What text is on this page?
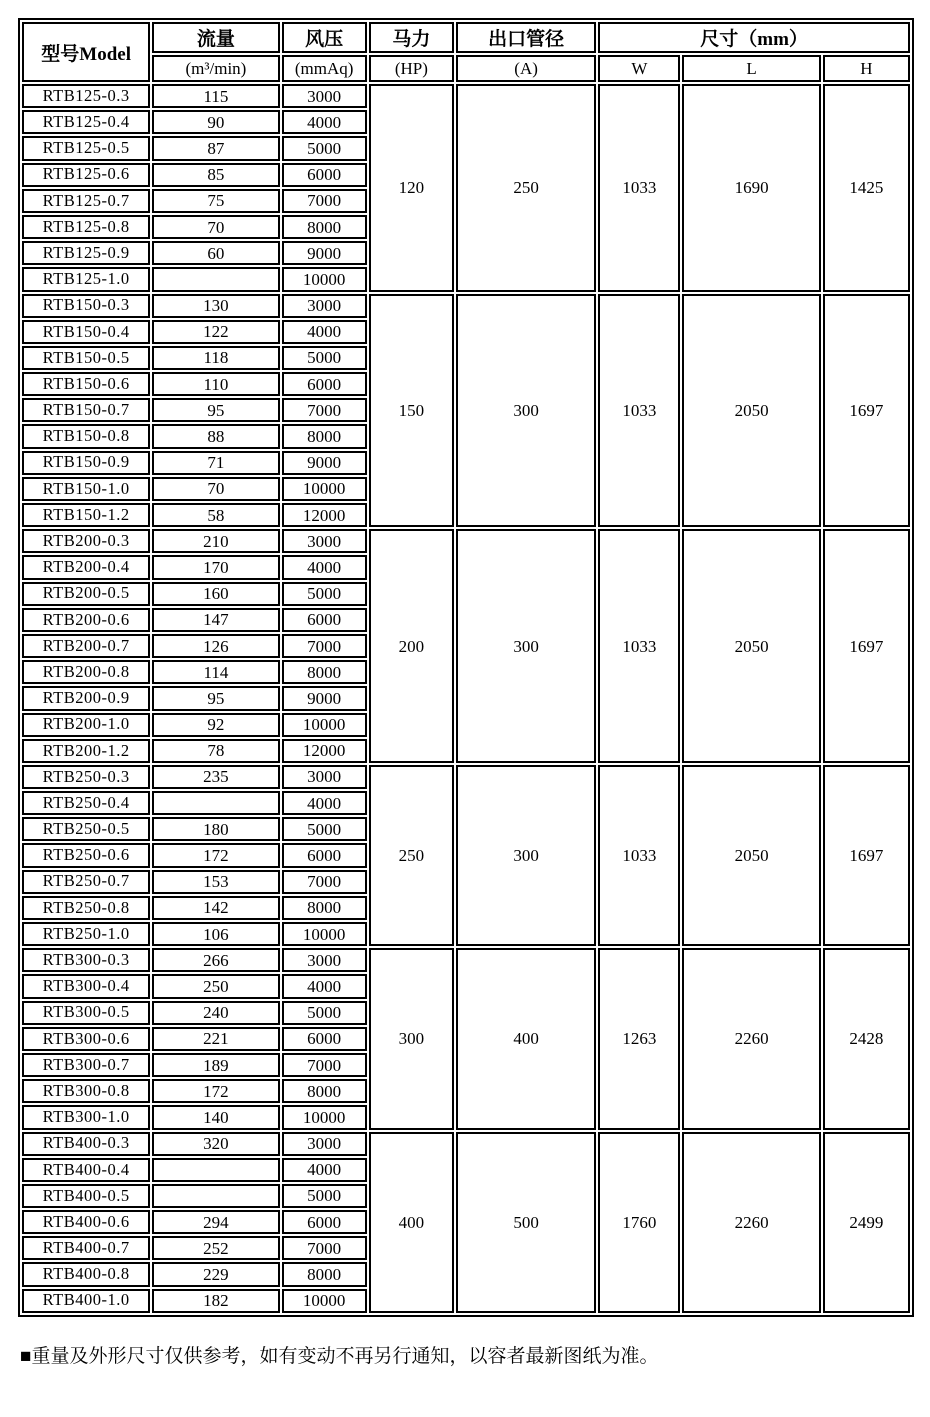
型号Model	流量	风压	马力	出口管径	尺寸（mm）		
	(m³/min)	(mmAq)	(HP)	(A)	W	L	H
RTB125-0.3	115	3000	120	250	1033	1690	1425
RTB125-0.4	90	4000					
RTB125-0.5	87	5000					
RTB125-0.6	85	6000					
RTB125-0.7	75	7000					
RTB125-0.8	70	8000					
RTB125-0.9	60	9000					
RTB125-1.0		10000					
RTB150-0.3	130	3000	150	300	1033	2050	1697
RTB150-0.4	122	4000					
RTB150-0.5	118	5000					
RTB150-0.6	110	6000					
RTB150-0.7	95	7000					
RTB150-0.8	88	8000					
RTB150-0.9	71	9000					
RTB150-1.0	70	10000					
RTB150-1.2	58	12000					
RTB200-0.3	210	3000	200	300	1033	2050	1697
RTB200-0.4	170	4000					
RTB200-0.5	160	5000					
RTB200-0.6	147	6000					
RTB200-0.7	126	7000					
RTB200-0.8	114	8000					
RTB200-0.9	95	9000					
RTB200-1.0	92	10000					
RTB200-1.2	78	12000					
RTB250-0.3	235	3000	250	300	1033	2050	1697
RTB250-0.4		4000					
RTB250-0.5	180	5000					
RTB250-0.6	172	6000					
RTB250-0.7	153	7000					
RTB250-0.8	142	8000					
RTB250-1.0	106	10000					
RTB300-0.3	266	3000	300	400	1263	2260	2428
RTB300-0.4	250	4000					
RTB300-0.5	240	5000					
RTB300-0.6	221	6000					
RTB300-0.7	189	7000					
RTB300-0.8	172	8000					
RTB300-1.0	140	10000					
RTB400-0.3	320	3000	400	500	1760	2260	2499
RTB400-0.4		4000					
RTB400-0.5		5000					
RTB400-0.6	294	6000					
RTB400-0.7	252	7000					
RTB400-0.8	229	8000					
RTB400-1.0	182	10000					
■重量及外形尺寸仅供参考，如有变动不再另行通知，以容者最新图纸为准。
